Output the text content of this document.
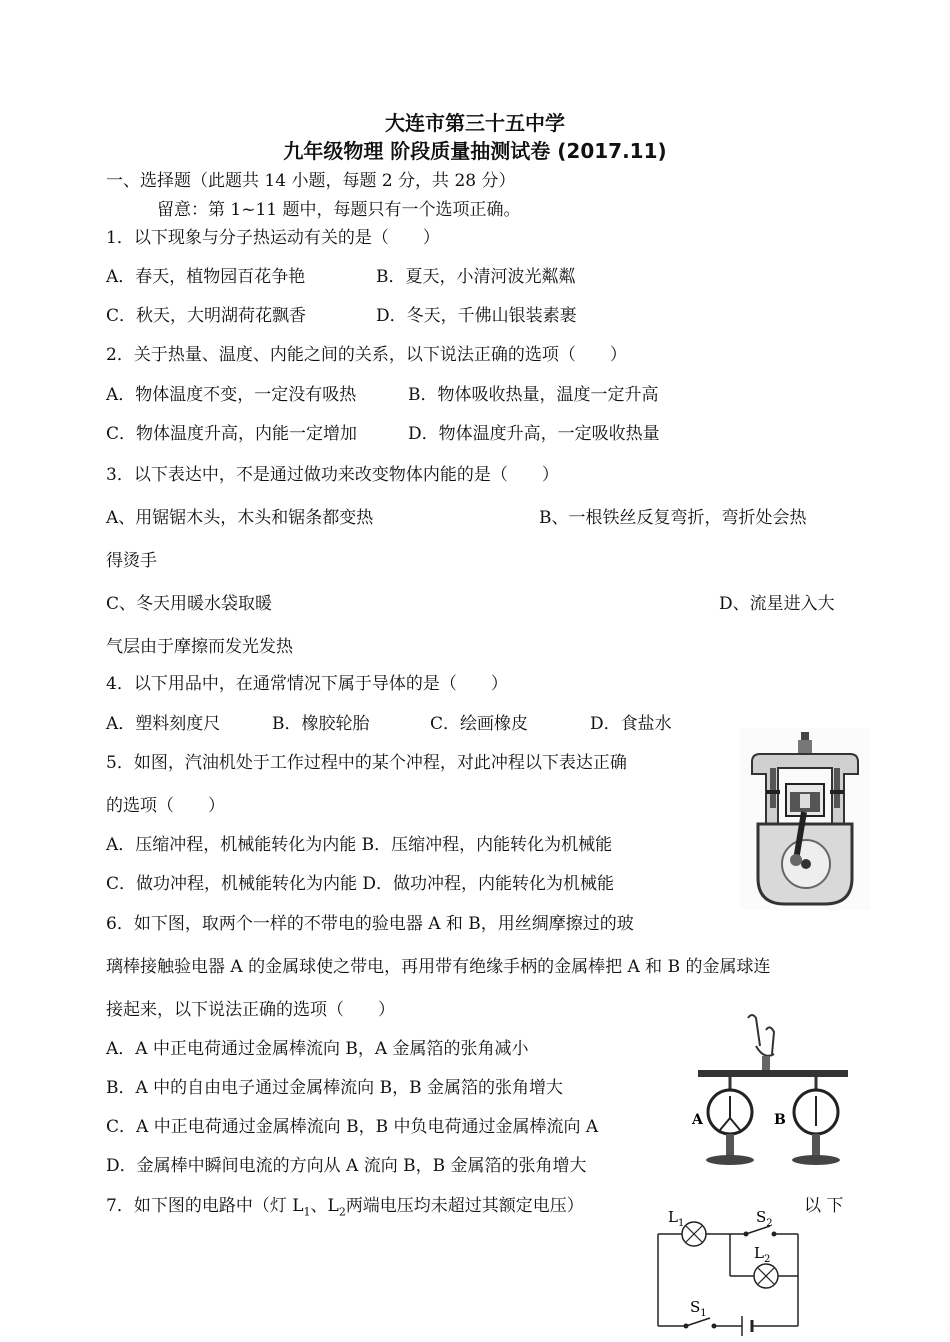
大连市第三十五中学
九年级物理 阶段质量抽测试卷 (2017.11)
一、选择题（此题共 14 小题，每题 2 分，共 28 分）
留意：第 1~11 题中，每题只有一个选项正确。
1．以下现象与分子热运动有关的是（　　）
A．春天，植物园百花争艳	B．夏天，小清河波光粼粼
C．秋天，大明湖荷花飘香	D．冬天，千佛山银装素裹
2．关于热量、温度、内能之间的关系，以下说法正确的选项（　　）
A．物体温度不变，一定没有吸热	B．物体吸收热量，温度一定升高
C．物体温度升高，内能一定增加	D．物体温度升高，一定吸收热量
3．以下表达中，不是通过做功来改变物体内能的是（　　）
A、用锯锯木头，木头和锯条都变热	B、一根铁丝反复弯折，弯折处会热
得烫手
C、冬天用暖水袋取暖	D、流星进入大
气层由于摩擦而发光发热
4．以下用品中，在通常情况下属于导体的是（　　）
A．塑料刻度尺	B．橡胶轮胎	C．绘画橡皮	D．食盐水
5．如图，汽油机处于工作过程中的某个冲程，对此冲程以下表达正确
的选项（　　）
A．压缩冲程，机械能转化为内能 B．压缩冲程，内能转化为机械能
C．做功冲程，机械能转化为内能 D．做功冲程，内能转化为机械能
6．如下图，取两个一样的不带电的验电器 A 和 B，用丝绸摩擦过的玻
璃棒接触验电器 A 的金属球使之带电，再用带有绝缘手柄的金属棒把 A 和 B 的金属球连
接起来，以下说法正确的选项（　　）
A．A 中正电荷通过金属棒流向 B，A 金属箔的张角减小
B．A 中的自由电子通过金属棒流向 B，B 金属箔的张角增大
C．A 中正电荷通过金属棒流向 B，B 中负电荷通过金属棒流向 A
D．金属棒中瞬间电流的方向从 A 流向 B，B 金属箔的张角增大
A	B
7．如下图的电路中（灯 $L_1$、$L_2$两端电压均未超过其额定电压）	以 下
$L_1$	$S_2$
$L_2$
$S_1$
